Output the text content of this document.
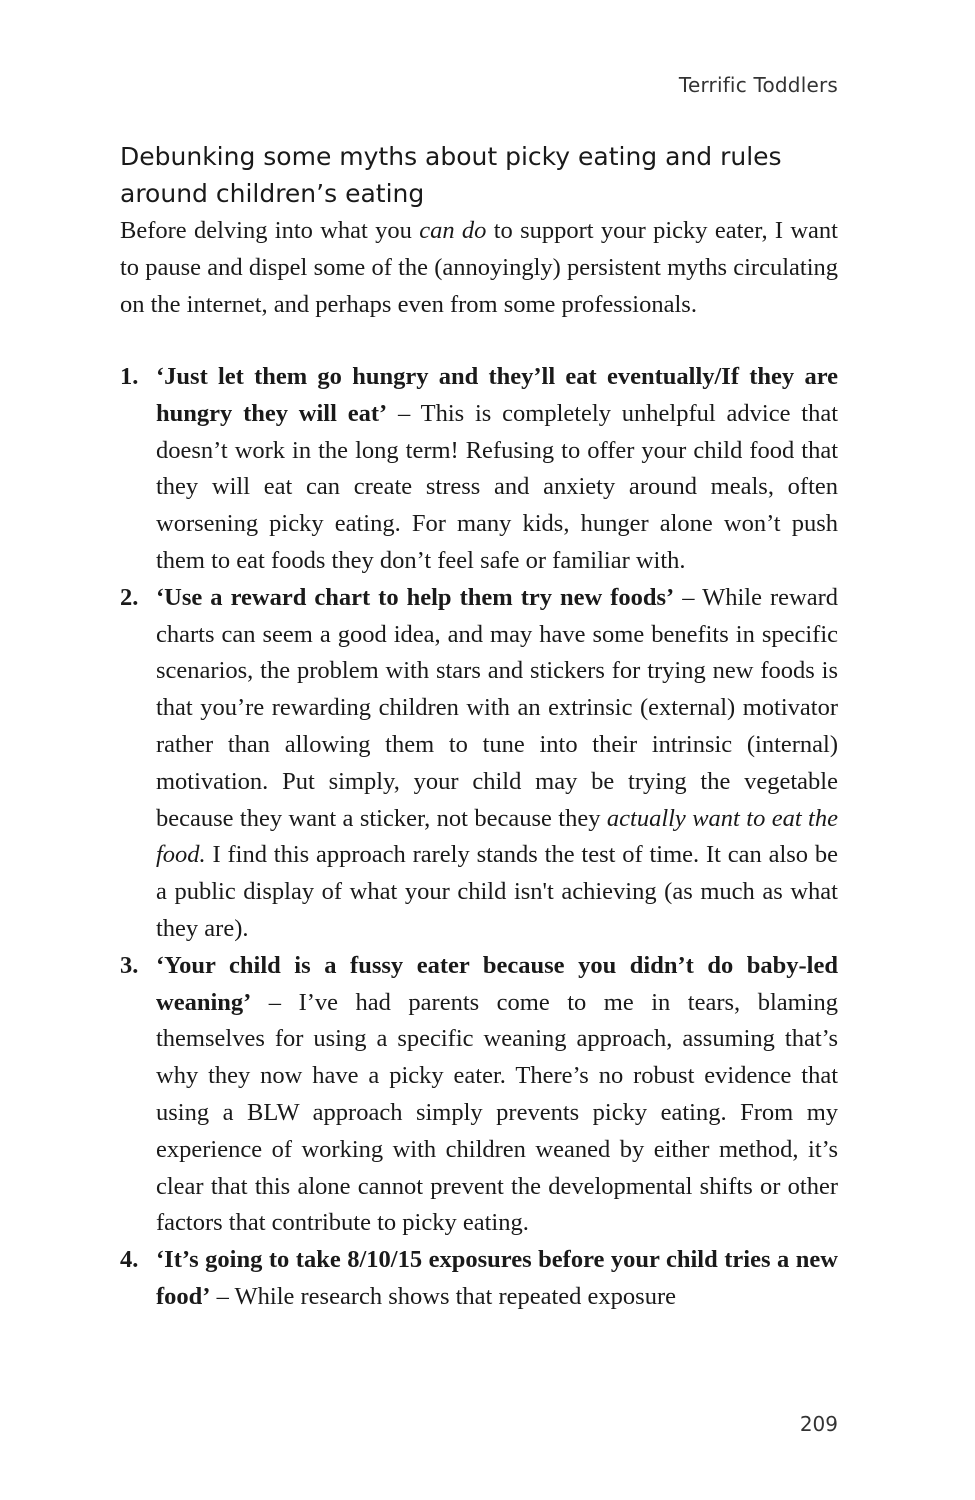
Terrific Toddlers
Debunking some myths about picky eating and rules around children’s eating

Before delving into what you can do to support your picky eater, I want to pause and dispel some of the (annoyingly) persistent myths circulating on the internet, and perhaps even from some professionals.

1. ‘Just let them go hungry and they’ll eat eventually/If they are hungry they will eat’ – This is completely unhelpful advice that doesn’t work in the long term! Refusing to offer your child food that they will eat can create stress and anxiety around meals, often worsening picky eating. For many kids, hunger alone won’t push them to eat foods they don’t feel safe or familiar with.
2. ‘Use a reward chart to help them try new foods’ – While reward charts can seem a good idea, and may have some benefits in specific scenarios, the problem with stars and stickers for trying new foods is that you’re rewarding children with an extrinsic (external) motivator rather than allowing them to tune into their intrinsic (internal) motivation. Put simply, your child may be trying the vegetable because they want a sticker, not because they actually want to eat the food. I find this approach rarely stands the test of time. It can also be a public display of what your child isn't achieving (as much as what they are).
3. ‘Your child is a fussy eater because you didn’t do baby-led weaning’ – I’ve had parents come to me in tears, blaming themselves for using a specific weaning approach, assuming that’s why they now have a picky eater. There’s no robust evidence that using a BLW approach simply prevents picky eating. From my experience of working with children weaned by either method, it’s clear that this alone cannot prevent the developmental shifts or other factors that contribute to picky eating.
4. ‘It’s going to take 8/10/15 exposures before your child tries a new food’ – While research shows that repeated exposure
209
